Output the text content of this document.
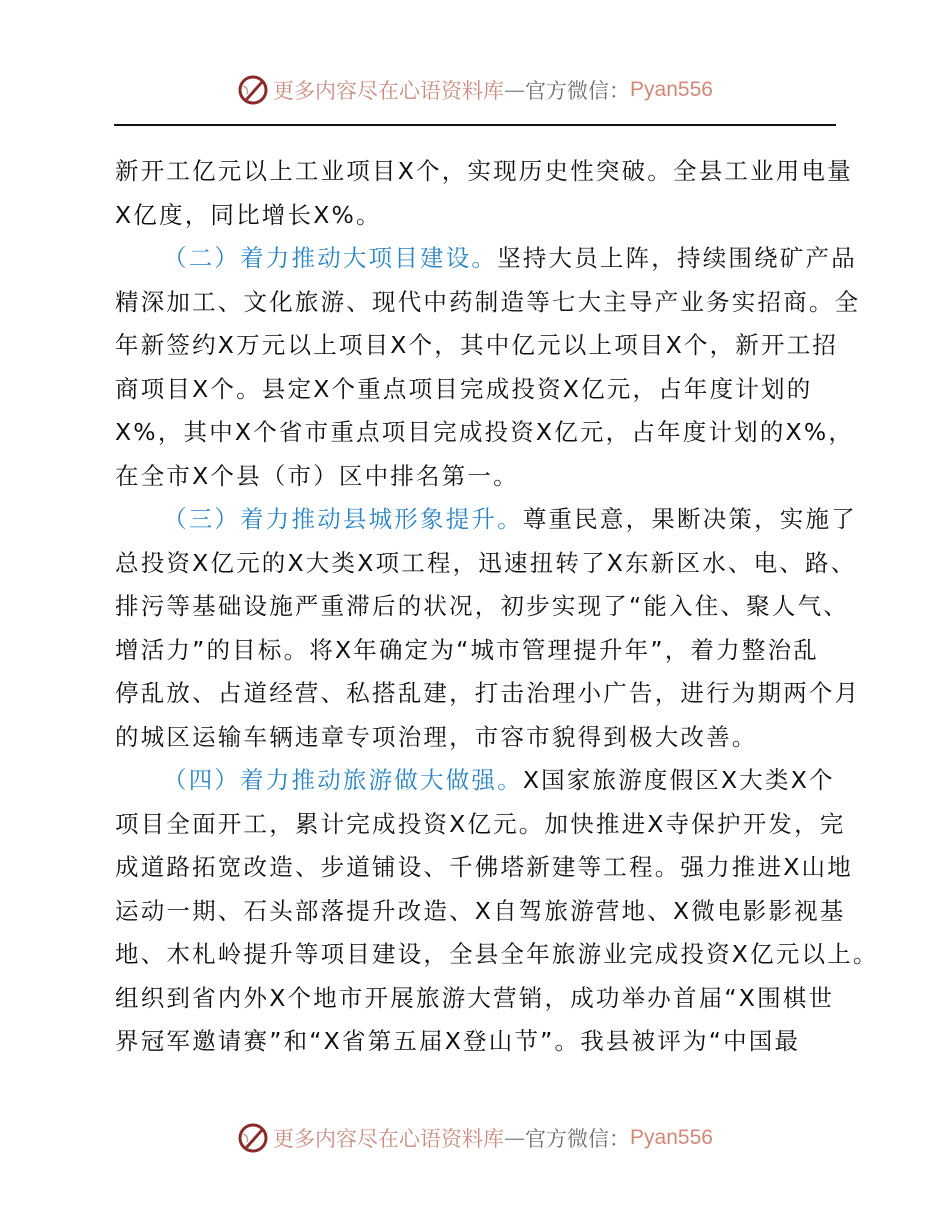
更多内容尽在心语资料库 — 官方微信： Pyan556
新开工亿元以上工业项目X个，实现历史性突破。全县工业用电量
X亿度，同比增长X%。
（二）着力推动大项目建设。坚持大员上阵，持续围绕矿产品
精深加工、文化旅游、现代中药制造等七大主导产业务实招商。全
年新签约X万元以上项目X个，其中亿元以上项目X个，新开工招
商项目X个。县定X个重点项目完成投资X亿元，占年度计划的
X%，其中X个省市重点项目完成投资X亿元，占年度计划的X%，
在全市X个县（市）区中排名第一。
（三）着力推动县城形象提升。尊重民意，果断决策，实施了
总投资X亿元的X大类X项工程，迅速扭转了X东新区水、电、路、
排污等基础设施严重滞后的状况，初步实现了“能入住、聚人气、
增活力”的目标。将X年确定为“城市管理提升年”，着力整治乱
停乱放、占道经营、私搭乱建，打击治理小广告，进行为期两个月
的城区运输车辆违章专项治理，市容市貌得到极大改善。
（四）着力推动旅游做大做强。X国家旅游度假区X大类X个
项目全面开工，累计完成投资X亿元。加快推进X寺保护开发，完
成道路拓宽改造、步道铺设、千佛塔新建等工程。强力推进X山地
运动一期、石头部落提升改造、X自驾旅游营地、X微电影影视基
地、木札岭提升等项目建设，全县全年旅游业完成投资X亿元以上。
组织到省内外X个地市开展旅游大营销，成功举办首届“X围棋世
界冠军邀请赛”和“X省第五届X登山节”。我县被评为“中国最
更多内容尽在心语资料库 — 官方微信： Pyan556
